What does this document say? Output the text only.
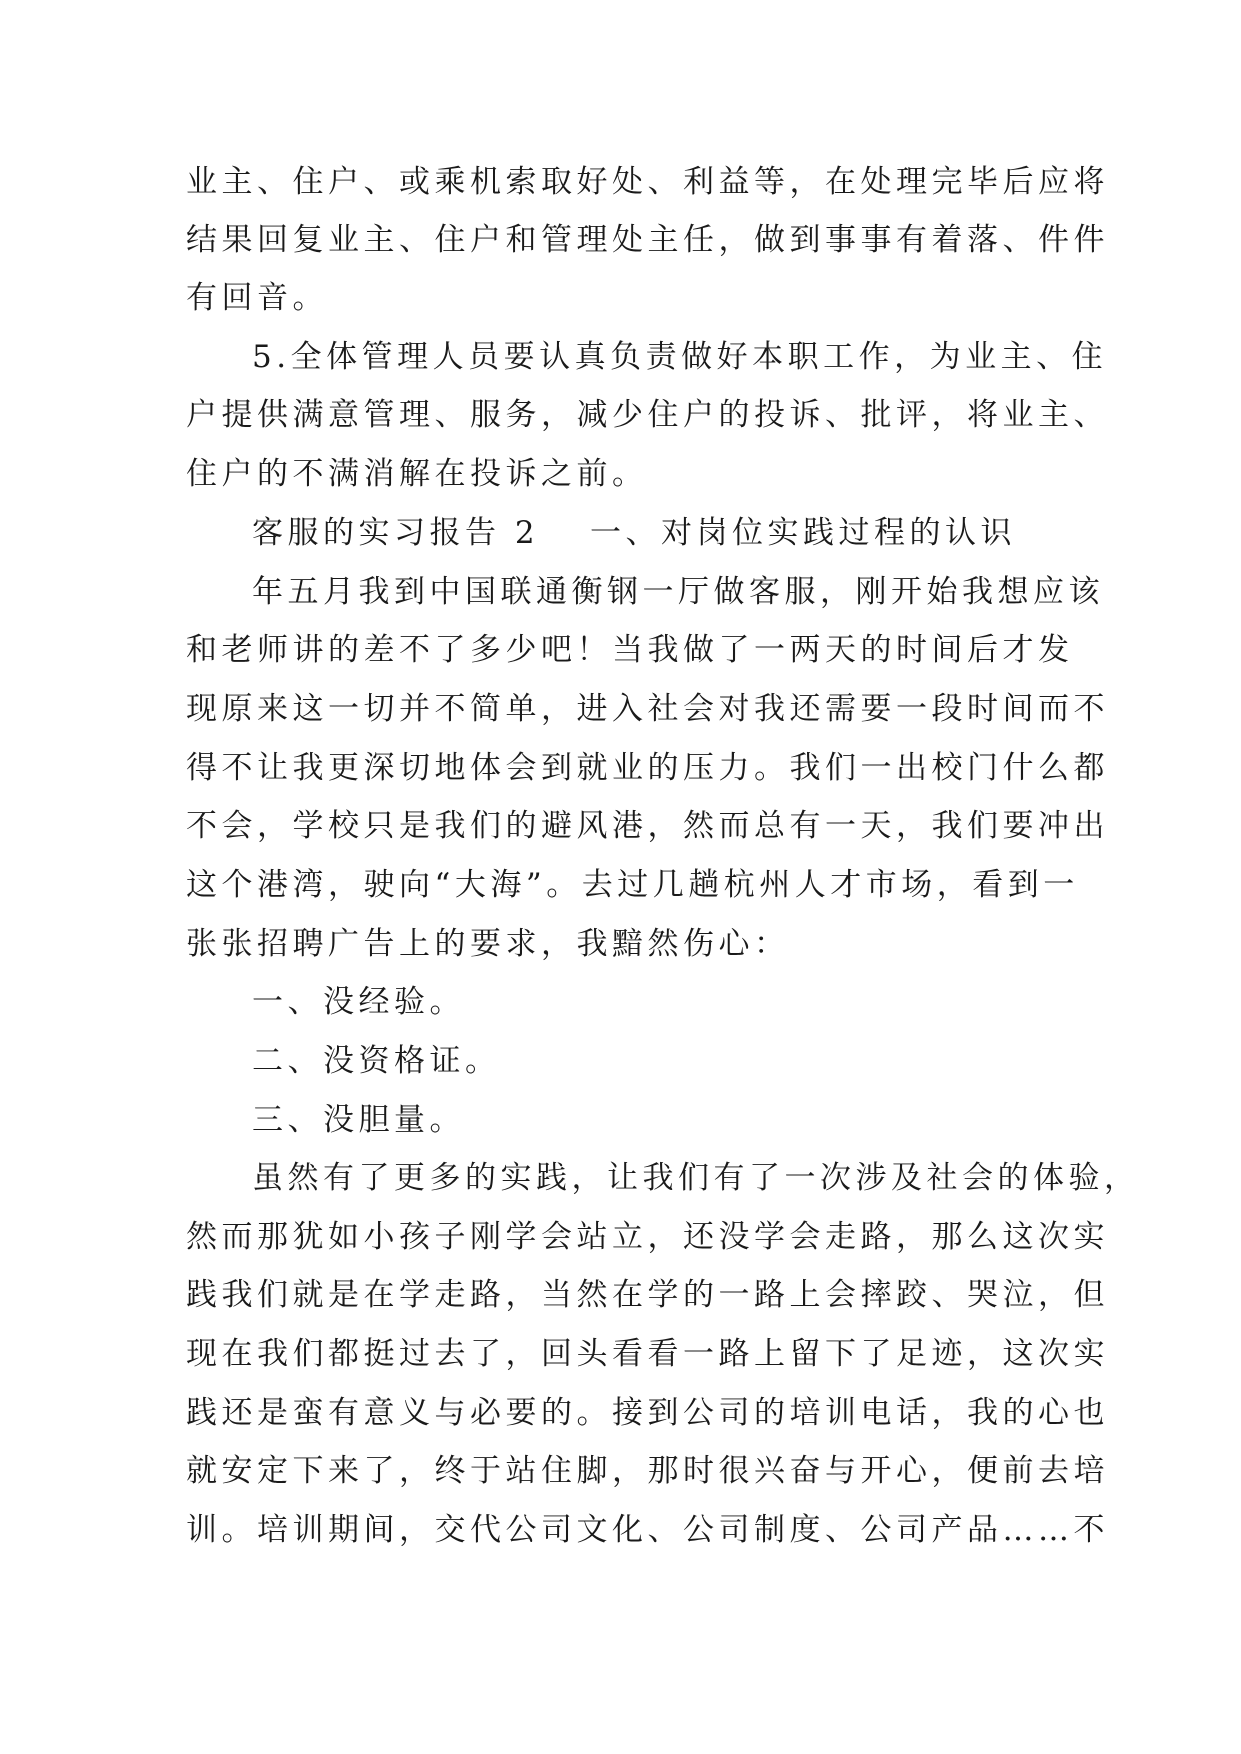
业主、住户、或乘机索取好处、利益等，在处理完毕后应将
结果回复业主、住户和管理处主任，做到事事有着落、件件
有回音。
5.全体管理人员要认真负责做好本职工作，为业主、住
户提供满意管理、服务，减少住户的投诉、批评，将业主、
住户的不满消解在投诉之前。
客服的实习报告 2 一、对岗位实践过程的认识
年五月我到中国联通衡钢一厅做客服，刚开始我想应该
和老师讲的差不了多少吧！当我做了一两天的时间后才发
现原来这一切并不简单，进入社会对我还需要一段时间而不
得不让我更深切地体会到就业的压力。我们一出校门什么都
不会，学校只是我们的避风港，然而总有一天，我们要冲出
这个港湾，驶向“大海”。去过几趟杭州人才市场，看到一
张张招聘广告上的要求，我黯然伤心：
一、没经验。
二、没资格证。
三、没胆量。
虽然有了更多的实践，让我们有了一次涉及社会的体验，
然而那犹如小孩子刚学会站立，还没学会走路，那么这次实
践我们就是在学走路，当然在学的一路上会摔跤、哭泣，但
现在我们都挺过去了，回头看看一路上留下了足迹，这次实
践还是蛮有意义与必要的。接到公司的培训电话，我的心也
就安定下来了，终于站住脚，那时很兴奋与开心，便前去培
训。培训期间，交代公司文化、公司制度、公司产品……不
